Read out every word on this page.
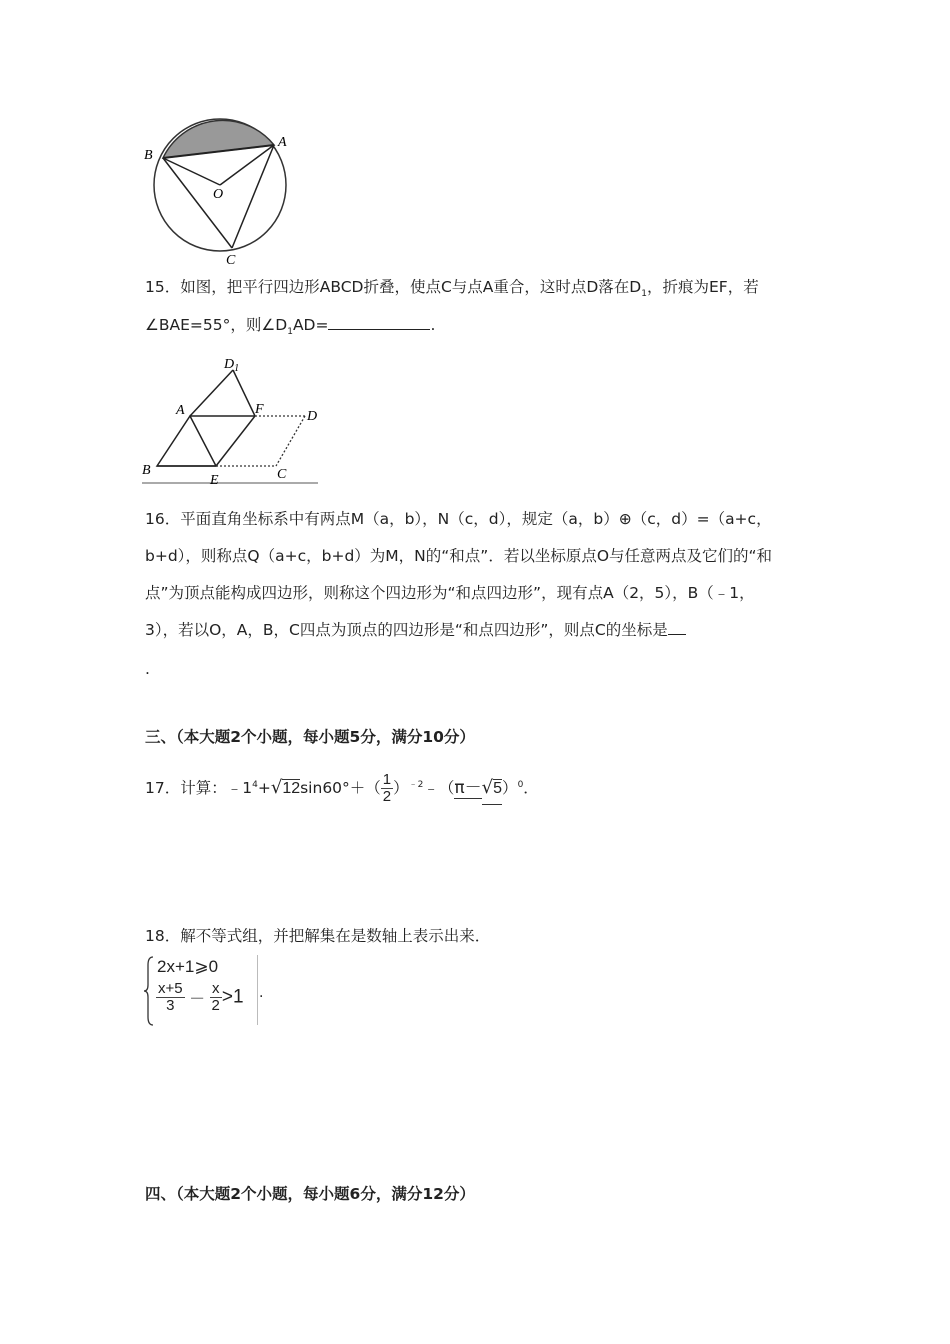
B
A
O
C
15．如图，把平行四边形ABCD折叠，使点C与点A重合，这时点D落在$D_1$，折痕为EF，若
∠BAE=55°，则$\angle D_1AD=$	.
$D_1$
A	F	D
B
E	C
16．平面直角坐标系中有两点M（a，b），N（c，d），规定（a，b）⊕（c，d）=（a+c，
b+d），则称点Q（a+c，b+d）为M，N的“和点”．若以坐标原点O与任意两点及它们的“和
点”为顶点能构成四边形，则称这个四边形为“和点四边形”，现有点A（2，5），B（﹣1，
3），若以O，A，B，C四点为顶点的四边形是“和点四边形”，则点C的坐标是
.
三、（本大题2个小题，每小题5分，满分10分）
17．计算：$﹣1^4+√12\sin 60^\circ+( \frac{1}{2}$ ）$^{﹣2}﹣(\pi-√5)^0$．
18．解不等式组，并把解集在是数轴上表示出来．
2x+1⩾0
$\frac{x+5}{3} - \frac{x}{2} >1$ .
四、（本大题2个小题，每小题6分，满分12分）
